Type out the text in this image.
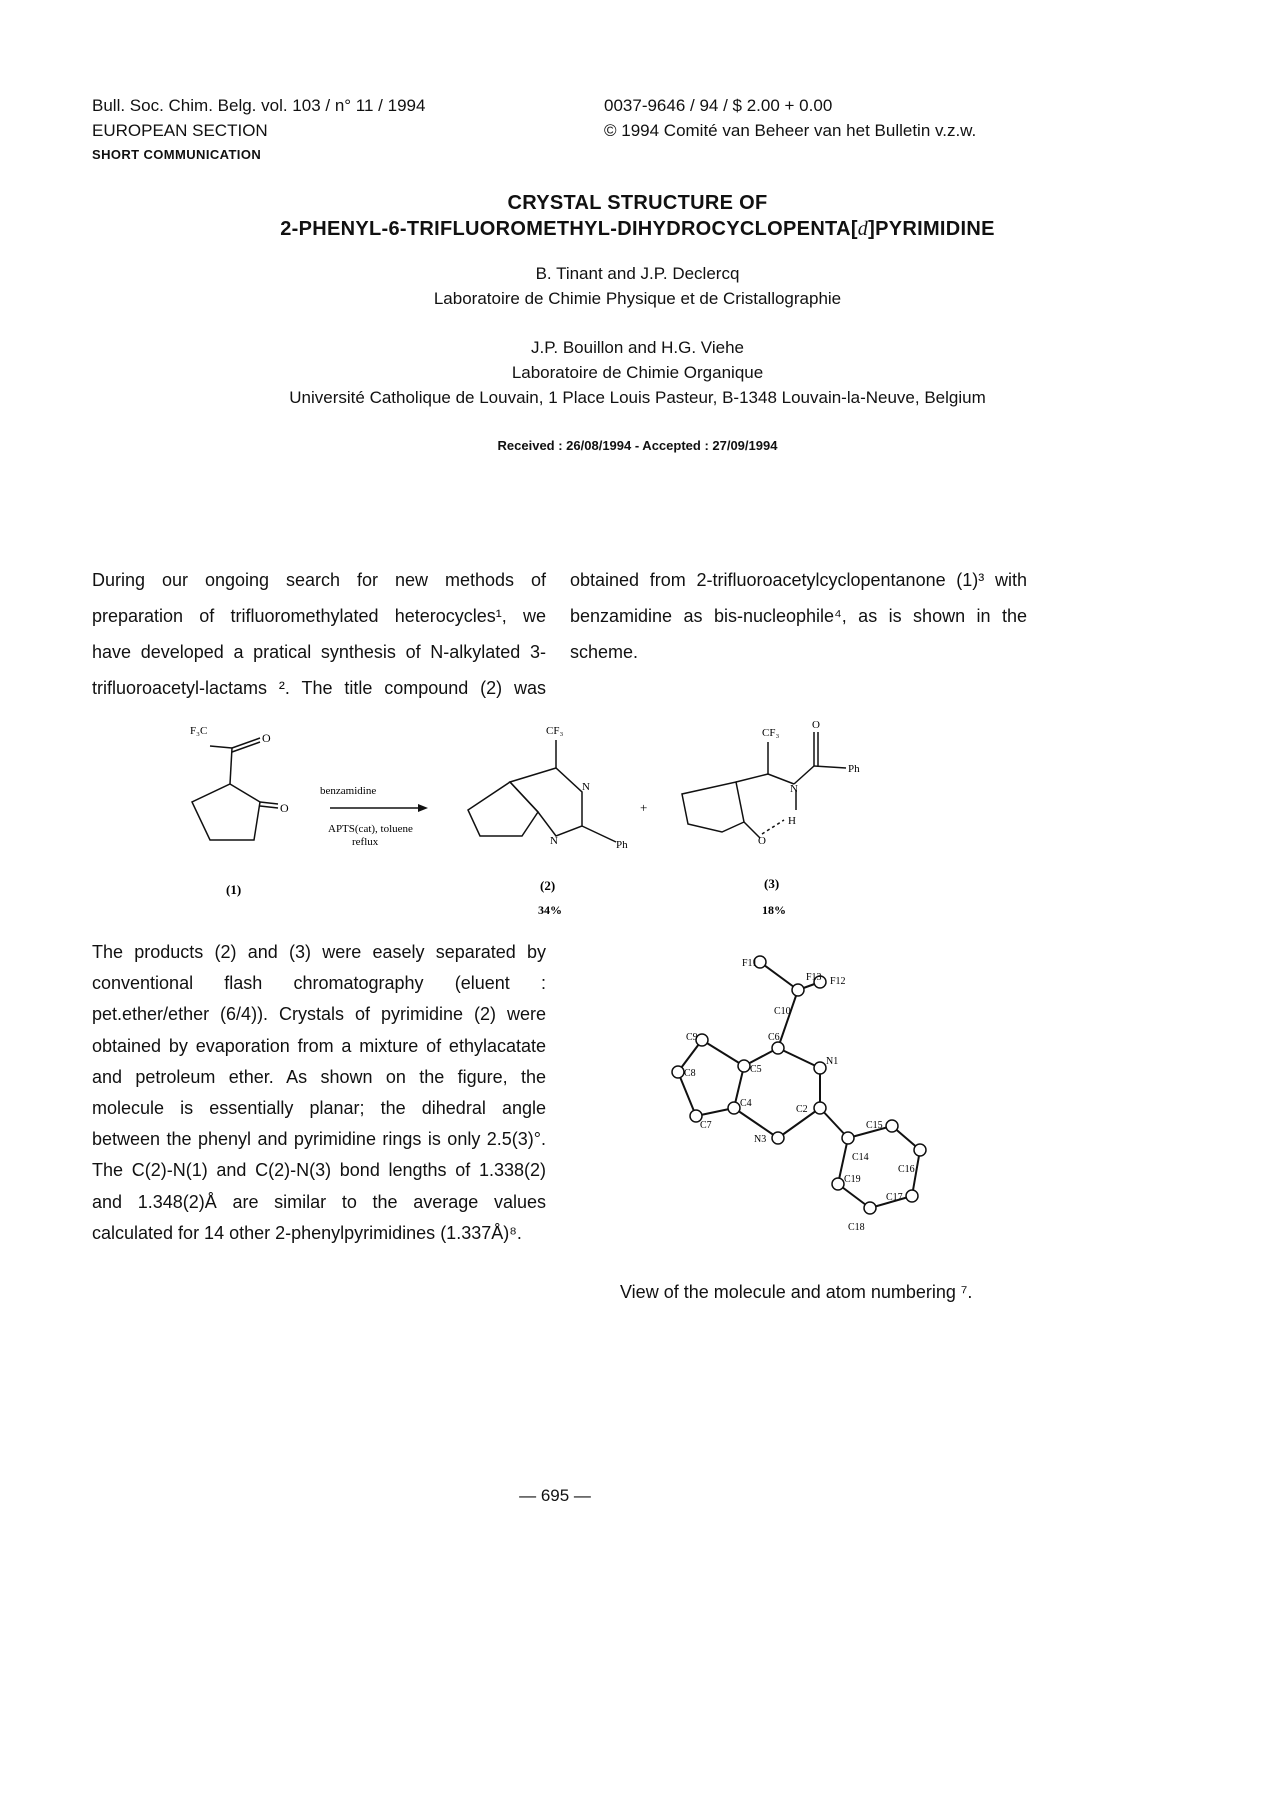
Bull. Soc. Chim. Belg. vol. 103 / n° 11 / 1994
EUROPEAN SECTION
SHORT COMMUNICATION
0037-9646 / 94 / $ 2.00 + 0.00
© 1994 Comité van Beheer van het Bulletin v.z.w.
CRYSTAL STRUCTURE OF
2-PHENYL-6-TRIFLUOROMETHYL-DIHYDROCYCLOPENTA[d]PYRIMIDINE
B. Tinant and J.P. Declercq
Laboratoire de Chimie Physique et de Cristallographie
J.P. Bouillon and H.G. Viehe
Laboratoire de Chimie Organique
Université Catholique de Louvain, 1 Place Louis Pasteur, B-1348 Louvain-la-Neuve, Belgium
Received : 26/08/1994 - Accepted : 27/09/1994
During our ongoing search for new methods of
preparation of trifluoromethylated heterocycles¹, we
have developed a pratical synthesis of N-alkylated 3-
trifluoroacetyl-lactams ². The title compound (2) was
obtained from 2-trifluoroacetylcyclopentanone (1)³ with
benzamidine as bis-nucleophile⁴, as is shown in the
scheme.
F₃C	O
O
benzamidine
APTS(cat), toluene
reflux
CF₃
N
N	Ph
+
CF₃
O
Ph
N
H
O
(1)	(2)
34%
(3)
18%
The products (2) and (3) were easely separated by
conventional flash chromatography (eluent :
pet.ether/ether (6/4)). Crystals of pyrimidine (2) were
obtained by evaporation from a mixture of ethylacatate
and petroleum ether. As shown on the figure, the
molecule is essentially planar; the dihedral angle
between the phenyl and pyrimidine rings is only 2.5(3)°.
The C(2)-N(1) and C(2)-N(3) bond lengths of 1.338(2)
and 1.348(2)Å are similar to the average values
calculated for 14 other 2-phenylpyrimidines (1.337Å)⁸.
F11
F13 F12
C10
C9	C6
N1
C8	C5
C4
C2
C7	C15
N3
C14
C16
C19
C17
C18
View of the molecule and atom numbering ⁷.
— 695 —
